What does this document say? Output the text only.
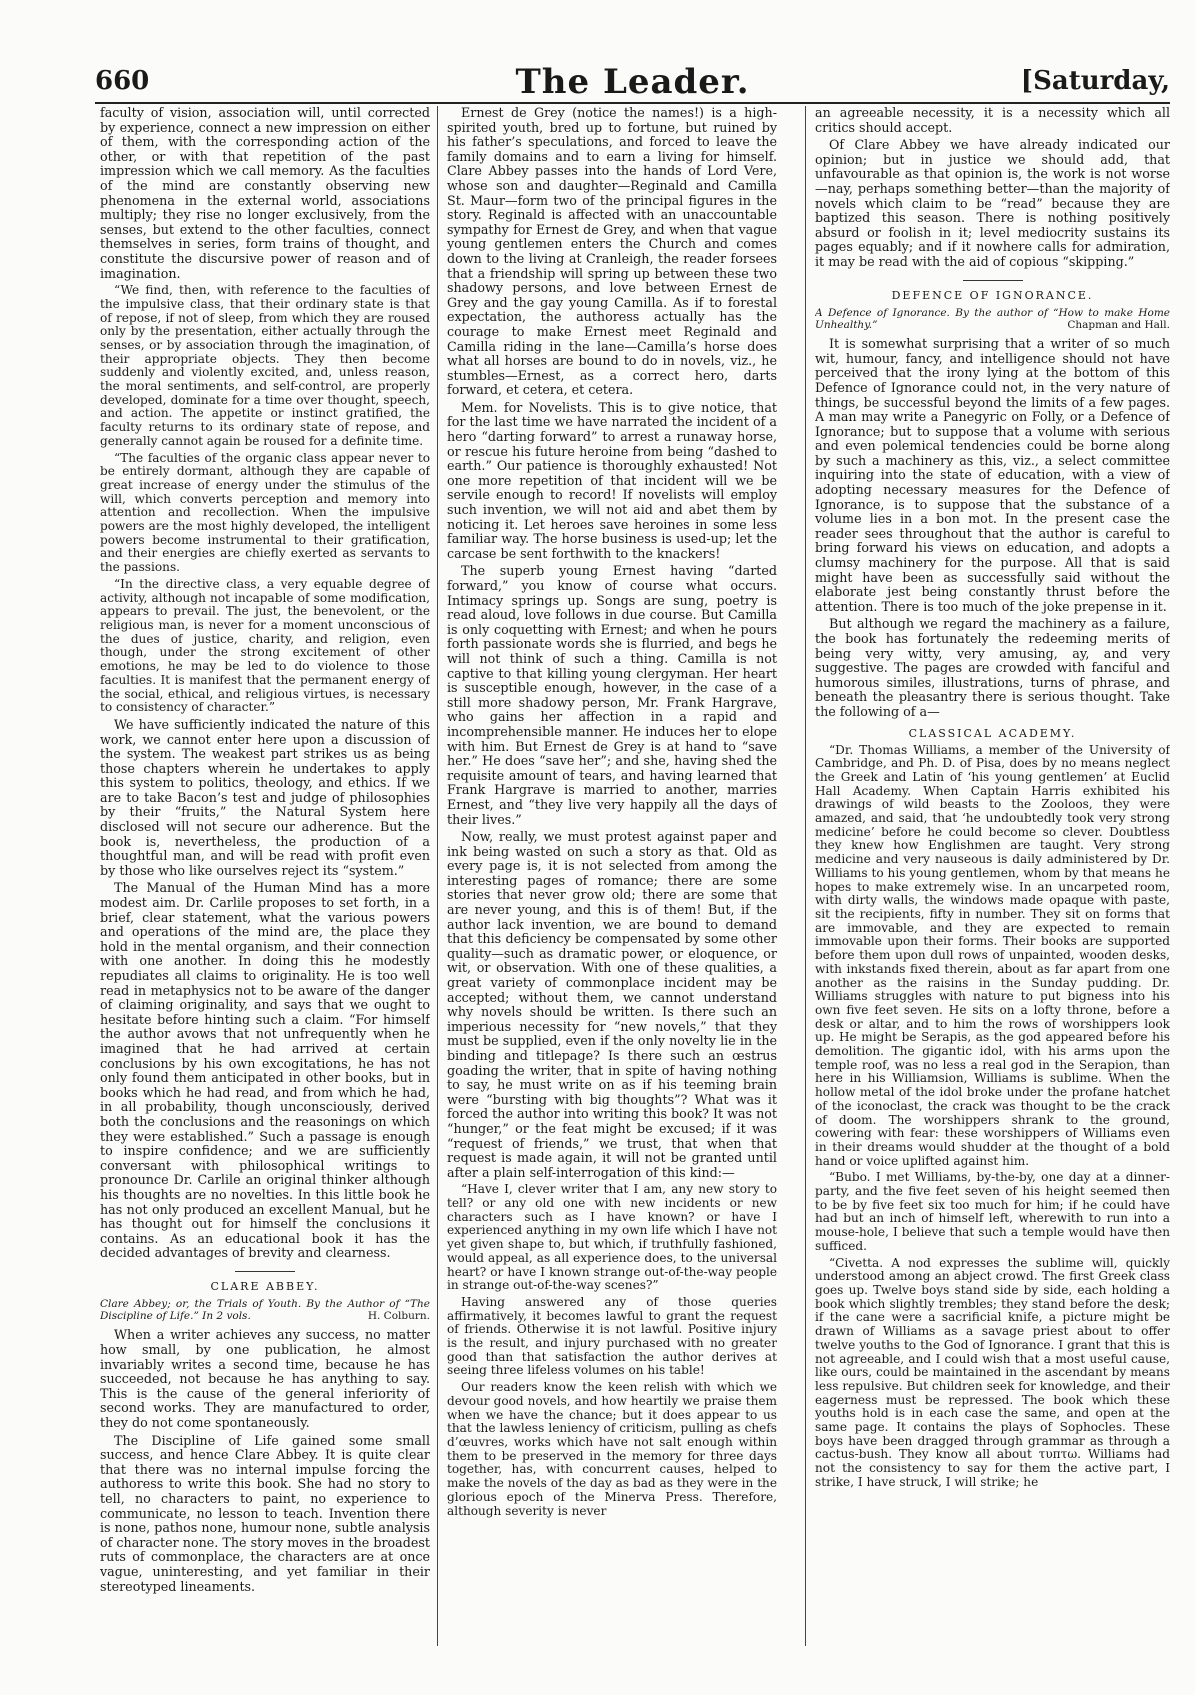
660	The Leader.	[Saturday,

faculty of vision, association will, until corrected by experience, connect a new impression on either of them, with the corresponding action of the other, or with that repetition of the past impression which we call memory. As the faculties of the mind are constantly observing new phenomena in the external world, associations multiply; they rise no longer exclusively, from the senses, but extend to the other faculties, connect themselves in series, form trains of thought, and constitute the discursive power of reason and of imagination.

“We find, then, with reference to the faculties of the impulsive class, that their ordinary state is that of repose, if not of sleep, from which they are roused only by the presentation, either actually through the senses, or by association through the imagination, of their appropriate objects. They then become suddenly and violently excited, and, unless reason, the moral sentiments, and self-control, are properly developed, dominate for a time over thought, speech, and action. The appetite or instinct gratified, the faculty returns to its ordinary state of repose, and generally cannot again be roused for a definite time.

“The faculties of the organic class appear never to be entirely dormant, although they are capable of great increase of energy under the stimulus of the will, which converts perception and memory into attention and recollection. When the impulsive powers are the most highly developed, the intelligent powers become instrumental to their gratification, and their energies are chiefly exerted as servants to the passions.

“In the directive class, a very equable degree of activity, although not incapable of some modification, appears to prevail. The just, the benevolent, or the religious man, is never for a moment unconscious of the dues of justice, charity, and religion, even though, under the strong excitement of other emotions, he may be led to do violence to those faculties. It is manifest that the permanent energy of the social, ethical, and religious virtues, is necessary to consistency of character.”

We have sufficiently indicated the nature of this work, we cannot enter here upon a discussion of the system. The weakest part strikes us as being those chapters wherein he undertakes to apply this system to politics, theology, and ethics. If we are to take Bacon’s test and judge of philosophies by their “fruits,” the Natural System here disclosed will not secure our adherence. But the book is, nevertheless, the production of a thoughtful man, and will be read with profit even by those who like ourselves reject its “system.”

The Manual of the Human Mind has a more modest aim. Dr. Carlile proposes to set forth, in a brief, clear statement, what the various powers and operations of the mind are, the place they hold in the mental organism, and their connection with one another. In doing this he modestly repudiates all claims to originality. He is too well read in metaphysics not to be aware of the danger of claiming originality, and says that we ought to hesitate before hinting such a claim. “For himself the author avows that not unfrequently when he imagined that he had arrived at certain conclusions by his own excogitations, he has not only found them anticipated in other books, but in books which he had read, and from which he had, in all probability, though unconsciously, derived both the conclusions and the reasonings on which they were established.” Such a passage is enough to inspire confidence; and we are sufficiently conversant with philosophical writings to pronounce Dr. Carlile an original thinker although his thoughts are no novelties. In this little book he has not only produced an excellent Manual, but he has thought out for himself the conclusions it contains. As an educational book it has the decided advantages of brevity and clearness.

CLARE ABBEY.

Clare Abbey; or, the Trials of Youth. By the Author of “The Discipline of Life.” In 2 vols.	H. Colburn.

When a writer achieves any success, no matter how small, by one publication, he almost invariably writes a second time, because he has succeeded, not because he has anything to say. This is the cause of the general inferiority of second works. They are manufactured to order, they do not come spontaneously.

The Discipline of Life gained some small success, and hence Clare Abbey. It is quite clear that there was no internal impulse forcing the authoress to write this book. She had no story to tell, no characters to paint, no experience to communicate, no lesson to teach. Invention there is none, pathos none, humour none, subtle analysis of character none. The story moves in the broadest ruts of commonplace, the characters are at once vague, uninteresting, and yet familiar in their stereotyped lineaments.

Ernest de Grey (notice the names!) is a high-spirited youth, bred up to fortune, but ruined by his father’s speculations, and forced to leave the family domains and to earn a living for himself. Clare Abbey passes into the hands of Lord Vere, whose son and daughter—Reginald and Camilla St. Maur—form two of the principal figures in the story. Reginald is affected with an unaccountable sympathy for Ernest de Grey, and when that vague young gentlemen enters the Church and comes down to the living at Cranleigh, the reader forsees that a friendship will spring up between these two shadowy persons, and love between Ernest de Grey and the gay young Camilla. As if to forestal expectation, the authoress actually has the courage to make Ernest meet Reginald and Camilla riding in the lane—Camilla’s horse does what all horses are bound to do in novels, viz., he stumbles—Ernest, as a correct hero, darts forward, et cetera, et cetera.

Mem. for Novelists. This is to give notice, that for the last time we have narrated the incident of a hero “darting forward” to arrest a runaway horse, or rescue his future heroine from being “dashed to earth.” Our patience is thoroughly exhausted! Not one more repetition of that incident will we be servile enough to record! If novelists will employ such invention, we will not aid and abet them by noticing it. Let heroes save heroines in some less familiar way. The horse business is used-up; let the carcase be sent forthwith to the knackers!

The superb young Ernest having “darted forward,” you know of course what occurs. Intimacy springs up. Songs are sung, poetry is read aloud, love follows in due course. But Camilla is only coquetting with Ernest; and when he pours forth passionate words she is flurried, and begs he will not think of such a thing. Camilla is not captive to that killing young clergyman. Her heart is susceptible enough, however, in the case of a still more shadowy person, Mr. Frank Hargrave, who gains her affection in a rapid and incomprehensible manner. He induces her to elope with him. But Ernest de Grey is at hand to “save her.” He does “save her”; and she, having shed the requisite amount of tears, and having learned that Frank Hargrave is married to another, marries Ernest, and “they live very happily all the days of their lives.”

Now, really, we must protest against paper and ink being wasted on such a story as that. Old as every page is, it is not selected from among the interesting pages of romance; there are some stories that never grow old; there are some that are never young, and this is of them! But, if the author lack invention, we are bound to demand that this deficiency be compensated by some other quality—such as dramatic power, or eloquence, or wit, or observation. With one of these qualities, a great variety of commonplace incident may be accepted; without them, we cannot understand why novels should be written. Is there such an imperious necessity for “new novels,” that they must be supplied, even if the only novelty lie in the binding and titlepage? Is there such an œstrus goading the writer, that in spite of having nothing to say, he must write on as if his teeming brain were “bursting with big thoughts”? What was it forced the author into writing this book? It was not “hunger,” or the feat might be excused; if it was “request of friends,” we trust, that when that request is made again, it will not be granted until after a plain self-interrogation of this kind:—

“Have I, clever writer that I am, any new story to tell? or any old one with new incidents or new characters such as I have known? or have I experienced anything in my own life which I have not yet given shape to, but which, if truthfully fashioned, would appeal, as all experience does, to the universal heart? or have I known strange out-of-the-way people in strange out-of-the-way scenes?”

Having answered any of those queries affirmatively, it becomes lawful to grant the request of friends. Otherwise it is not lawful. Positive injury is the result, and injury purchased with no greater good than that satisfaction the author derives at seeing three lifeless volumes on his table!

Our readers know the keen relish with which we devour good novels, and how heartily we praise them when we have the chance; but it does appear to us that the lawless leniency of criticism, pulling as chefs d’œuvres, works which have not salt enough within them to be preserved in the memory for three days together, has, with concurrent causes, helped to make the novels of the day as bad as they were in the glorious epoch of the Minerva Press. Therefore, although severity is never

an agreeable necessity, it is a necessity which all critics should accept.

Of Clare Abbey we have already indicated our opinion; but in justice we should add, that unfavourable as that opinion is, the work is not worse—nay, perhaps something better—than the majority of novels which claim to be “read” because they are baptized this season. There is nothing positively absurd or foolish in it; level mediocrity sustains its pages equably; and if it nowhere calls for admiration, it may be read with the aid of copious “skipping.”

DEFENCE OF IGNORANCE.

A Defence of Ignorance. By the author of “How to make Home Unhealthy.”	Chapman and Hall.

It is somewhat surprising that a writer of so much wit, humour, fancy, and intelligence should not have perceived that the irony lying at the bottom of this Defence of Ignorance could not, in the very nature of things, be successful beyond the limits of a few pages. A man may write a Panegyric on Folly, or a Defence of Ignorance; but to suppose that a volume with serious and even polemical tendencies could be borne along by such a machinery as this, viz., a select committee inquiring into the state of education, with a view of adopting necessary measures for the Defence of Ignorance, is to suppose that the substance of a volume lies in a bon mot. In the present case the reader sees throughout that the author is careful to bring forward his views on education, and adopts a clumsy machinery for the purpose. All that is said might have been as successfully said without the elaborate jest being constantly thrust before the attention. There is too much of the joke prepense in it.

But although we regard the machinery as a failure, the book has fortunately the redeeming merits of being very witty, very amusing, ay, and very suggestive. The pages are crowded with fanciful and humorous similes, illustrations, turns of phrase, and beneath the pleasantry there is serious thought. Take the following of a—

CLASSICAL ACADEMY.

“Dr. Thomas Williams, a member of the University of Cambridge, and Ph. D. of Pisa, does by no means neglect the Greek and Latin of ‘his young gentlemen’ at Euclid Hall Academy. When Captain Harris exhibited his drawings of wild beasts to the Zooloos, they were amazed, and said, that ‘he undoubtedly took very strong medicine’ before he could become so clever. Doubtless they knew how Englishmen are taught. Very strong medicine and very nauseous is daily administered by Dr. Williams to his young gentlemen, whom by that means he hopes to make extremely wise. In an uncarpeted room, with dirty walls, the windows made opaque with paste, sit the recipients, fifty in number. They sit on forms that are immovable, and they are expected to remain immovable upon their forms. Their books are supported before them upon dull rows of unpainted, wooden desks, with inkstands fixed therein, about as far apart from one another as the raisins in the Sunday pudding. Dr. Williams struggles with nature to put bigness into his own five feet seven. He sits on a lofty throne, before a desk or altar, and to him the rows of worshippers look up. He might be Serapis, as the god appeared before his demolition. The gigantic idol, with his arms upon the temple roof, was no less a real god in the Serapion, than here in his Williamsion, Williams is sublime. When the hollow metal of the idol broke under the profane hatchet of the iconoclast, the crack was thought to be the crack of doom. The worshippers shrank to the ground, cowering with fear: these worshippers of Williams even in their dreams would shudder at the thought of a bold hand or voice uplifted against him.

“Bubo. I met Williams, by-the-by, one day at a dinner-party, and the five feet seven of his height seemed then to be by five feet six too much for him; if he could have had but an inch of himself left, wherewith to run into a mouse-hole, I believe that such a temple would have then sufficed.

“Civetta. A nod expresses the sublime will, quickly understood among an abject crowd. The first Greek class goes up. Twelve boys stand side by side, each holding a book which slightly trembles; they stand before the desk; if the cane were a sacrificial knife, a picture might be drawn of Williams as a savage priest about to offer twelve youths to the God of Ignorance. I grant that this is not agreeable, and I could wish that a most useful cause, like ours, could be maintained in the ascendant by means less repulsive. But children seek for knowledge, and their eagerness must be repressed. The book which these youths hold is in each case the same, and open at the same page. It contains the plays of Sophocles. These boys have been dragged through grammar as through a cactus-bush. They know all about τυπτω. Williams had not the consistency to say for them the active part, I strike, I have struck, I will strike; he
